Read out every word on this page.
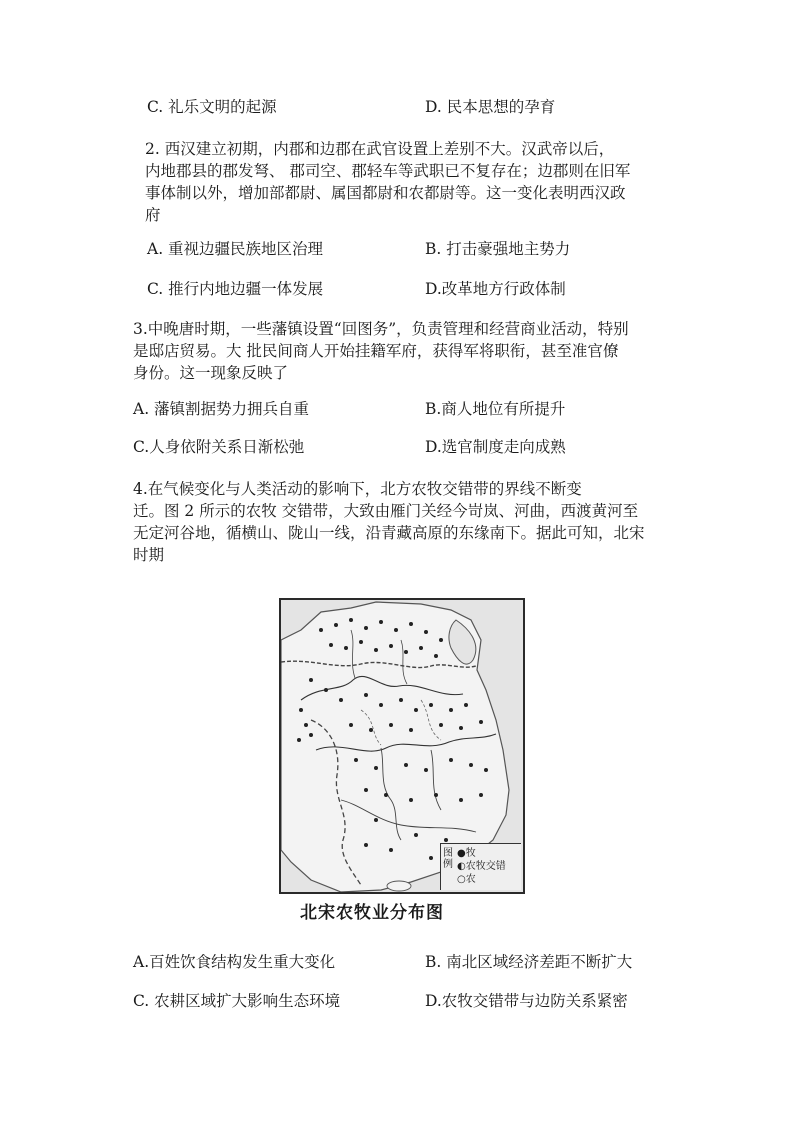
C. 礼乐文明的起源	D. 民本思想的孕育
2. 西汉建立初期，内郡和边郡在武官设置上差别不大。汉武帝以后，
内地郡县的郡发弩、 郡司空、郡轻车等武职已不复存在；边郡则在旧军
事体制以外，增加部都尉、属国都尉和农都尉等。这一变化表明西汉政
府
A. 重视边疆民族地区治理	B. 打击豪强地主势力
C. 推行内地边疆一体发展	D.改革地方行政体制
3.中晚唐时期，一些藩镇设置“回图务”，负责管理和经营商业活动，特别
是邸店贸易。大 批民间商人开始挂籍军府，获得军将职衔，甚至准官僚
身份。这一现象反映了
A. 藩镇割据势力拥兵自重	B.商人地位有所提升
C.人身依附关系日渐松弛	D.选官制度走向成熟
4.在气候变化与人类活动的影响下，北方农牧交错带的界线不断变
迁。图 2 所示的农牧 交错带，大致由雁门关经今岢岚、河曲，西渡黄河至
无定河谷地，循横山、陇山一线，沿青藏高原的东缘南下。据此可知，北宋
时期
图例
●牧
◐农牧交错
○农
北宋农牧业分布图
A.百姓饮食结构发生重大变化	B. 南北区域经济差距不断扩大
C. 农耕区域扩大影响生态环境	D.农牧交错带与边防关系紧密
